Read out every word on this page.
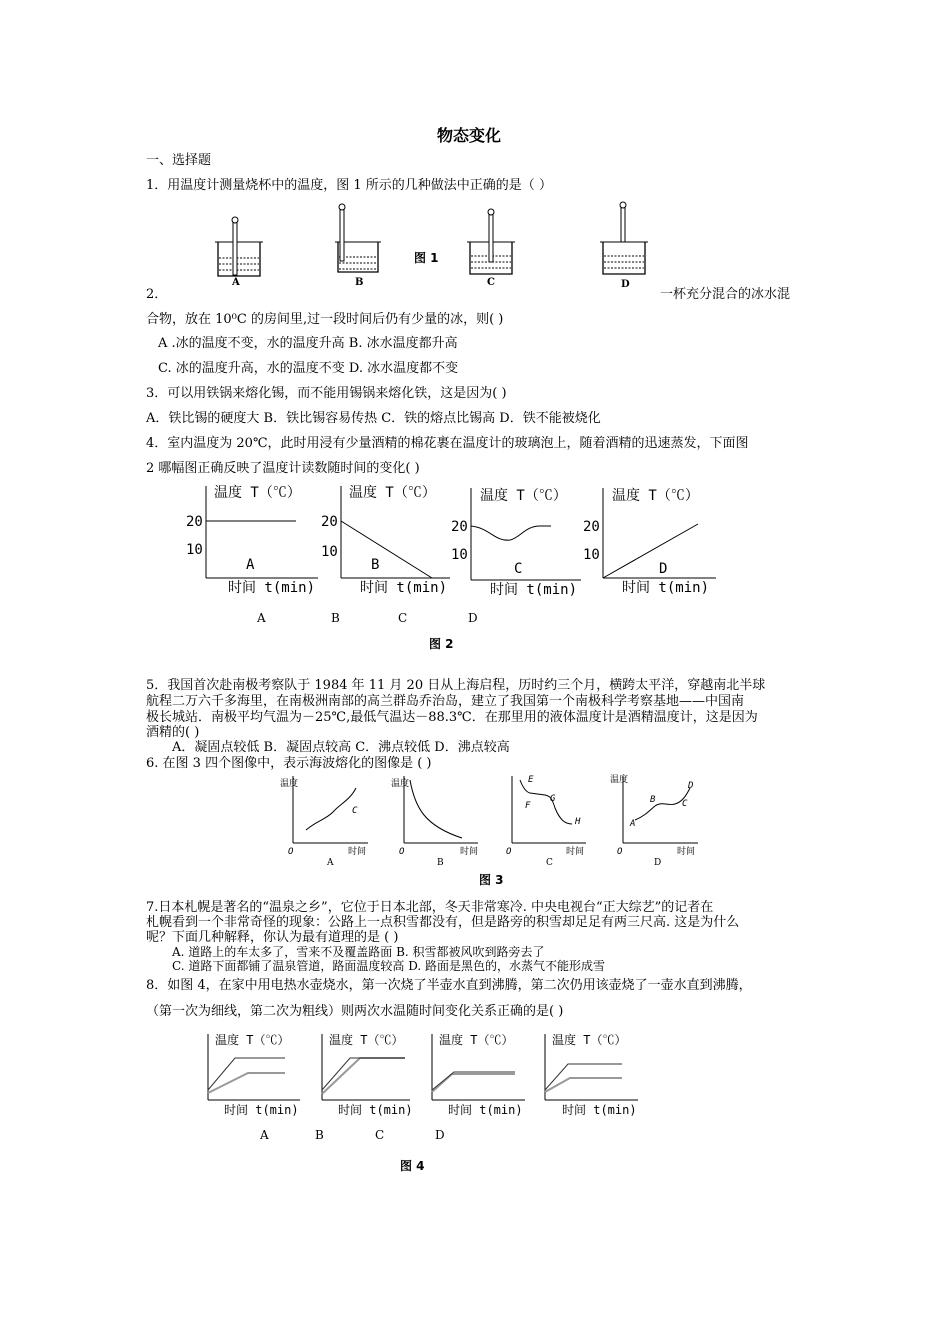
物态变化
一、选择题
1．用温度计测量烧杯中的温度，图 1 所示的几种做法中正确的是（ ）
A	B	C	D
图 1
2．	一杯充分混合的冰水混
合物，放在 10⁰C 的房间里,过一段时间后仍有少量的冰，则( )
A .冰的温度不变，水的温度升高 B. 冰水温度都升高
C. 冰的温度升高，水的温度不变 D. 冰水温度都不变
3．可以用铁锅来熔化锡，而不能用锡锅来熔化铁，这是因为( )
A．铁比锡的硬度大 B．铁比锡容易传热 C．铁的熔点比锡高 D．铁不能被烧化
4．室内温度为 20℃，此时用浸有少量酒精的棉花裹在温度计的玻璃泡上，随着酒精的迅速蒸发，下面图
2 哪幅图正确反映了温度计读数随时间的变化( )
温度 T（℃）
20
10
A
时间 t(min)
温度 T（℃）
20
10
B
时间 t(min)
温度 T（℃）
20
10
C
时间 t(min)
温度 T（℃）
20
10
D
时间 t(min)
A	B	C	D
图 2
5．我国首次赴南极考察队于 1984 年 11 月 20 日从上海启程，历时约三个月，横跨太平洋，穿越南北半球
航程二万六千多海里，在南极洲南部的高兰群岛乔治岛，建立了我国第一个南极科学考察基地——中国南
极长城站．南极平均气温为－25℃,最低气温达－88.3℃．在那里用的液体温度计是酒精温度计，这是因为
酒精的( )
A．凝固点较低 B．凝固点较高 C．沸点较低 D．沸点较高
6. 在图 3 四个图像中，表示海波熔化的图像是 ( )
温度
O	时间
C
温度
O	时间	O	时间
E
F
G
H
温度
O	时间
A
B	C
D
A	B	C	D
图 3
7.日本札幌是著名的“温泉之乡”，它位于日本北部，冬天非常寒冷. 中央电视台“正大综艺”的记者在
札幌看到一个非常奇怪的现象：公路上一点积雪都没有，但是路旁的积雪却足足有两三尺高. 这是为什么
呢？下面几种解释，你认为最有道理的是 ( )
A. 道路上的车太多了，雪来不及覆盖路面 B. 积雪都被风吹到路旁去了
C. 道路下面都铺了温泉管道，路面温度较高 D. 路面是黑色的，水蒸气不能形成雪
8．如图 4，在家中用电热水壶烧水，第一次烧了半壶水直到沸腾，第二次仍用该壶烧了一壶水直到沸腾，
（第一次为细线，第二次为粗线）则两次水温随时间变化关系正确的是( )
温度 T（℃）
时间 t(min)
温度 T（℃）
时间 t(min)
温度 T（℃）
时间 t(min)
温度 T（℃）
时间 t(min)
A	B	C	D
图 4
